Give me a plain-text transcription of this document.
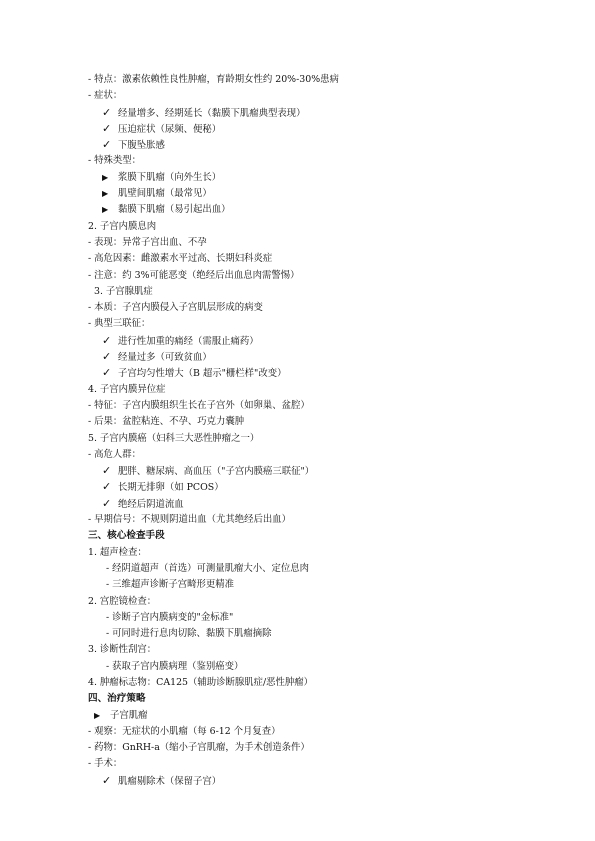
- 特点：激素依赖性良性肿瘤，育龄期女性约 20%-30%患病
- 症状：
✓ 经量增多、经期延长（黏膜下肌瘤典型表现）
✓ 压迫症状（尿频、便秘）
✓ 下腹坠胀感
- 特殊类型：
▶ 浆膜下肌瘤（向外生长）
▶ 肌壁间肌瘤（最常见）
▶ 黏膜下肌瘤（易引起出血）
2. 子宫内膜息肉
- 表现：异常子宫出血、不孕
- 高危因素：雌激素水平过高、长期妇科炎症
- 注意：约 3%可能恶变（绝经后出血息肉需警惕）
3. 子宫腺肌症
- 本质：子宫内膜侵入子宫肌层形成的病变
- 典型三联征：
✓ 进行性加重的痛经（需服止痛药）
✓ 经量过多（可致贫血）
✓ 子宫均匀性增大（B 超示"栅栏样"改变）
4. 子宫内膜异位症
- 特征：子宫内膜组织生长在子宫外（如卵巢、盆腔）
- 后果：盆腔粘连、不孕、巧克力囊肿
5. 子宫内膜癌（妇科三大恶性肿瘤之一）
- 高危人群：
✓ 肥胖、糖尿病、高血压（"子宫内膜癌三联征"）
✓ 长期无排卵（如 PCOS）
✓ 绝经后阴道流血
- 早期信号：不规则阴道出血（尤其绝经后出血）
三、核心检查手段
1. 超声检查：
- 经阴道超声（首选）可测量肌瘤大小、定位息肉
- 三维超声诊断子宫畸形更精准
2. 宫腔镜检查：
- 诊断子宫内膜病变的"金标准"
- 可同时进行息肉切除、黏膜下肌瘤摘除
3. 诊断性刮宫：
- 获取子宫内膜病理（鉴别癌变）
4. 肿瘤标志物：CA125（辅助诊断腺肌症/恶性肿瘤）
四、治疗策略
▶ 子宫肌瘤
- 观察：无症状的小肌瘤（每 6-12 个月复查）
- 药物：GnRH-a（缩小子宫肌瘤，为手术创造条件）
- 手术：
✓ 肌瘤剔除术（保留子宫）
